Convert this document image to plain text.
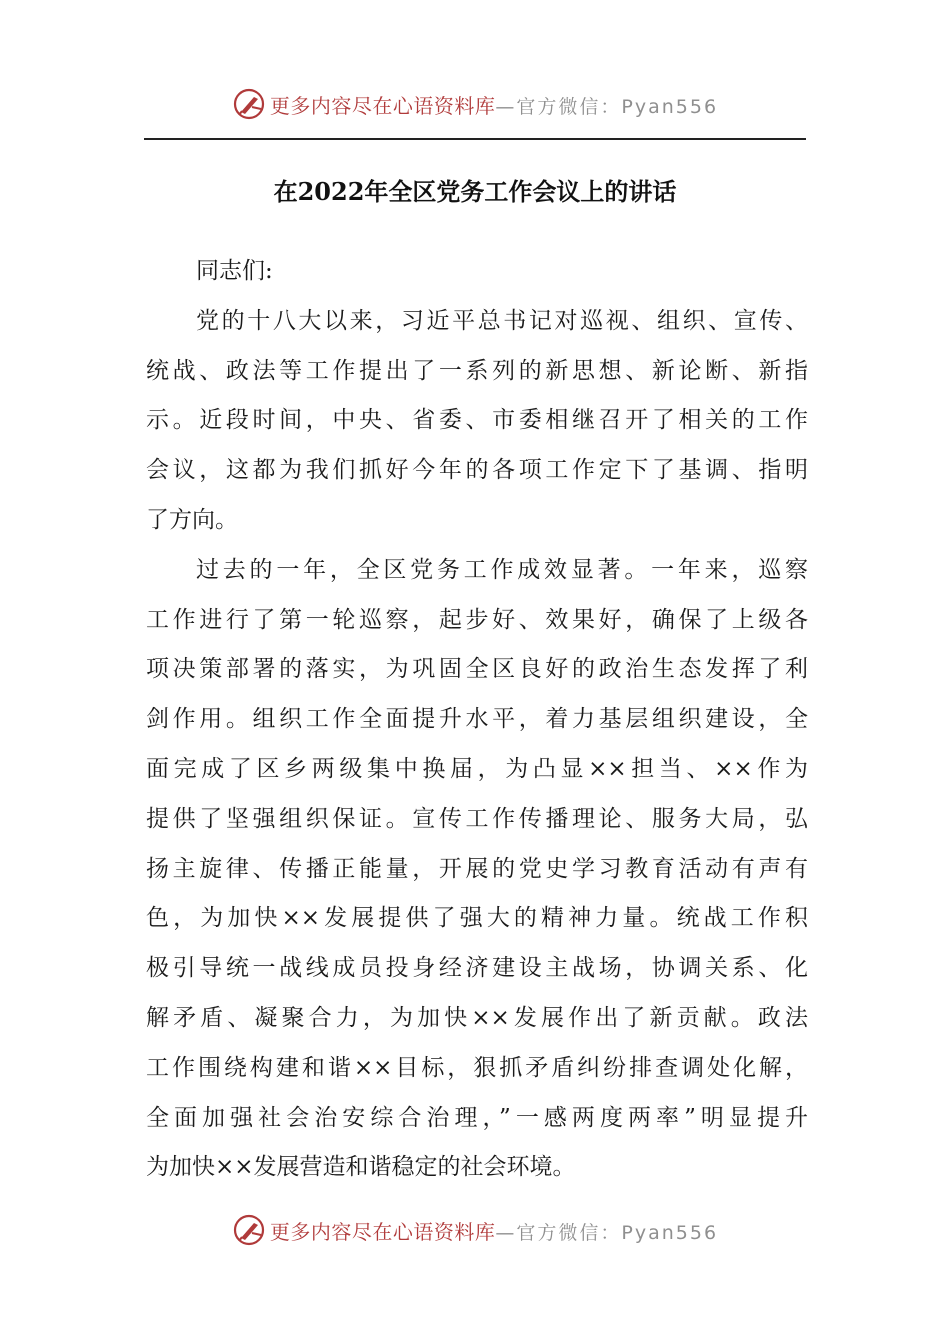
更多内容尽在心语资料库—官方微信：Pyan556
在2022年全区党务工作会议上的讲话
同志们:
党的十八大以来，习近平总书记对巡视、组织、宣传、
统战、政法等工作提出了一系列的新思想、新论断、新指
示。近段时间，中央、省委、市委相继召开了相关的工作
会议，这都为我们抓好今年的各项工作定下了基调、指明
了方向。
过去的一年，全区党务工作成效显著。一年来，巡察
工作进行了第一轮巡察，起步好、效果好，确保了上级各
项决策部署的落实，为巩固全区良好的政治生态发挥了利
剑作用。组织工作全面提升水平，着力基层组织建设，全
面完成了区乡两级集中换届，为凸显××担当、××作为
提供了坚强组织保证。宣传工作传播理论、服务大局，弘
扬主旋律、传播正能量，开展的党史学习教育活动有声有
色，为加快××发展提供了强大的精神力量。统战工作积
极引导统一战线成员投身经济建设主战场，协调关系、化
解矛盾、凝聚合力，为加快××发展作出了新贡献。政法
工作围绕构建和谐××目标，狠抓矛盾纠纷排查调处化解，
全面加强社会治安综合治理，”一感两度两率”明显提升
为加快××发展营造和谐稳定的社会环境。
更多内容尽在心语资料库—官方微信：Pyan556
